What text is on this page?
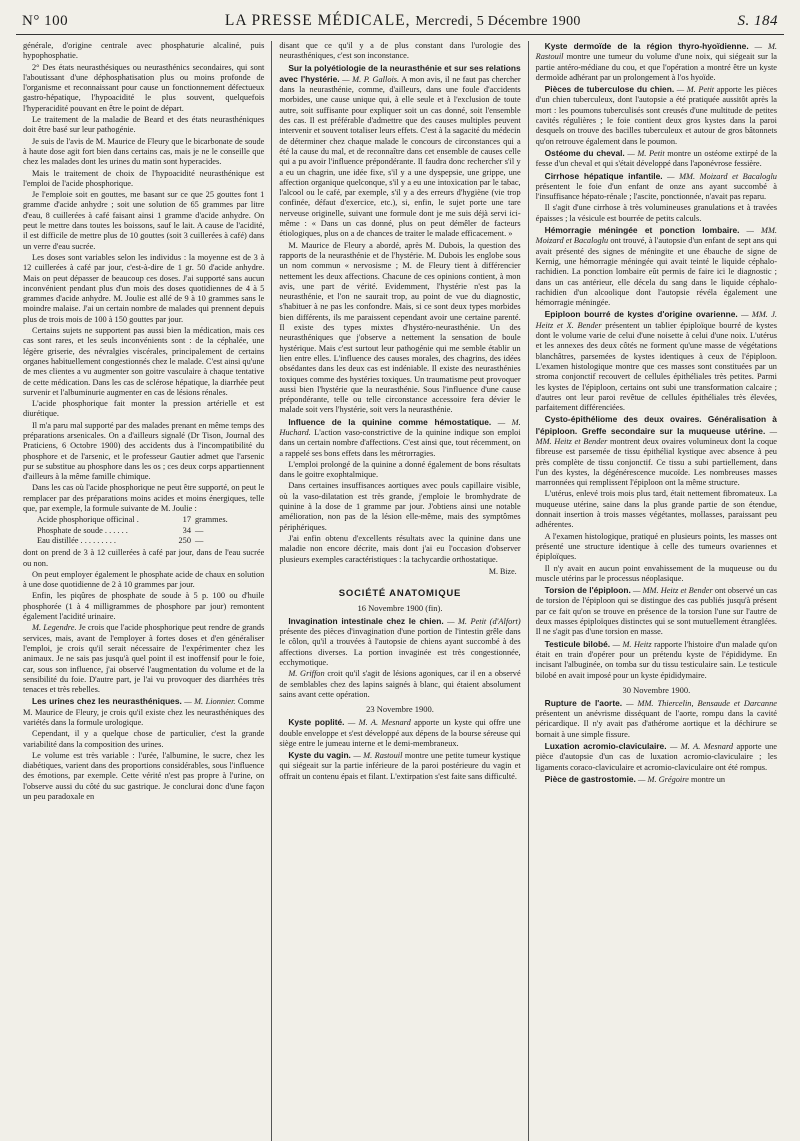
N° 100	LA PRESSE MÉDICALE, Mercredi, 5 Décembre 1900	S. 184

générale, d'origine centrale avec phosphaturie alcaliné, puis hypophosphatie.

2° Des états neurasthésiques ou neurasthénics secondaires, qui sont l'aboutissant d'une déphosphatisation plus ou moins profonde de l'organisme et reconnaissant pour cause un fonctionnement défectueux gastro-hépatique, l'hypoacidité le plus souvent, quelquefois l'hyperacidité pouvant en être le point de départ.

Le traitement de la maladie de Beard et des états neurasthéniques doit être basé sur leur pathogénie.

Je suis de l'avis de M. Maurice de Fleury que le bicarbonate de soude à haute dose agit fort bien dans certains cas, mais je ne le conseille que chez les malades dont les urines du matin sont hyperacides.

Mais le traitement de choix de l'hypoacidité neurasthénique est l'emploi de l'acide phosphorique.

Je l'emploie soit en gouttes, me basant sur ce que 25 gouttes font 1 gramme d'acide anhydre ; soit une solution de 65 grammes par litre d'eau, 8 cuillerées à café faisant ainsi 1 gramme d'acide anhydre. On peut le mettre dans toutes les boissons, sauf le lait. A cause de l'acidité, il est difficile de mettre plus de 10 gouttes (soit 3 cuillerées à café) dans un verre d'eau sucrée.

Les doses sont variables selon les individus : la moyenne est de 3 à 12 cuillerées à café par jour, c'est-à-dire de 1 gr. 50 d'acide anhydre. Mais on peut dépasser de beaucoup ces doses. J'ai supporté sans aucun inconvénient pendant plus d'un mois des doses quotidiennes de 4 à 5 grammes d'acide anhydre. M. Joulie est allé de 9 à 10 grammes sans le moindre malaise. J'ai un certain nombre de malades qui prennent depuis plus de trois mois de 100 à 150 gouttes par jour.

Certains sujets ne supportent pas aussi bien la médication, mais ces cas sont rares, et les seuls inconvénients sont : de la céphalée, une légère griserie, des névralgies viscérales, principalement de certains organes habituellement congestionnés chez le malade. C'est ainsi qu'une de mes clientes a vu augmenter son goitre vasculaire à chaque tentative de cette médication. Dans les cas de sclérose hépatique, la diarrhée peut survenir et l'albuminurie augmenter en cas de lésions rénales.

L'acide phosphorique fait monter la pression artérielle et est diurétique.

Il m'a paru mal supporté par des malades prenant en même temps des préparations arsenicales. On a d'ailleurs signalé (Dr Tison, Journal des Praticiens, 6 Octobre 1900) des accidents dus à l'incompatibilité du phosphore et de l'arsenic, et le professeur Gautier admet que l'arsenic pur se substitue au phosphore dans les os ; ces deux corps appartiennent d'ailleurs à la même famille chimique.

Dans les cas où l'acide phosphorique ne peut être supporté, on peut le remplacer par des préparations moins acides et moins énergiques, telle que, par exemple, la formule suivante de M. Joulie :

Acide phosphorique officinal .	17 grammes.
Phosphate de soude . . . . . .	34 —
Eau distillée . . . . . . . . .	250 —

dont on prend de 3 à 12 cuillerées à café par jour, dans de l'eau sucrée ou non.

On peut employer également le phosphate acide de chaux en solution à une dose quotidienne de 2 à 10 grammes par jour.

Enfin, les piqûres de phosphate de soude à 5 p. 100 ou d'huile phosphorée (1 à 4 milligrammes de phosphore par jour) remontent également l'acidité urinaire.

M. Legendre. Je crois que l'acide phosphorique peut rendre de grands services, mais, avant de l'employer à fortes doses et d'en généraliser l'emploi, je crois qu'il serait nécessaire de l'expérimenter chez les animaux. Je ne sais pas jusqu'à quel point il est inoffensif pour le foie, car, sous son influence, j'ai observé l'augmentation du volume et de la sensibilité du foie. D'autre part, je l'ai vu provoquer des diarrhées très tenaces et très rebelles.

Les urines chez les neurasthéniques. — M. Lionnier. Comme M. Maurice de Fleury, je crois qu'il existe chez les neurasthéniques des variétés dans la formule urologique.

Cependant, il y a quelque chose de particulier, c'est la grande variabilité dans la composition des urines.

Le volume est très variable : l'urée, l'albumine, le sucre, chez les diabétiques, varient dans des proportions considérables, sous l'influence des émotions, par exemple. Cette vérité n'est pas propre à l'urine, on l'observe aussi du côté du suc gastrique. Je conclurai donc d'une façon un peu paradoxale en

disant que ce qu'il y a de plus constant dans l'urologie des neurasthéniques, c'est son inconstance.

Sur la polyétiologie de la neurasthénie et sur ses relations avec l'hystérie. — M. P. Gallois. A mon avis, il ne faut pas chercher dans la neurasthénie, comme, d'ailleurs, dans une foule d'accidents morbides, une cause unique qui, à elle seule et à l'exclusion de toute autre, soit suffisante pour expliquer soit un cas donné, soit l'ensemble des cas. Il est préférable d'admettre que des causes multiples peuvent intervenir et souvent totaliser leurs effets. C'est à la sagacité du médecin de déterminer chez chaque malade le concours de circonstances qui a été la cause du mal, et de reconnaître dans cet ensemble de causes celle qui a pu avoir l'influence prépondérante. Il faudra donc rechercher s'il y a eu un chagrin, une idée fixe, s'il y a une dyspepsie, une grippe, une affection organique quelconque, s'il y a eu une intoxication par le tabac, l'alcool ou le café, par exemple, s'il y a des erreurs d'hygiène (vie trop confinée, défaut d'exercice, etc.), si, enfin, le sujet porte une tare nerveuse originelle, suivant une formule dont je me suis déjà servi ici-même : « Dans un cas donné, plus on peut démêler de facteurs étiologiques, plus on a de chances de traiter le malade efficacement. »

M. Maurice de Fleury a abordé, après M. Dubois, la question des rapports de la neurasthénie et de l'hystérie. M. Dubois les englobe sous un nom commun « nervosisme ; M. de Fleury tient à différencier nettement les deux affections. Chacune de ces opinions contient, à mon avis, une part de vérité. Evidemment, l'hystérie n'est pas la neurasthénie, et l'on ne saurait trop, au point de vue du diagnostic, s'habituer à ne pas les confondre. Mais, si ce sont deux types morbides bien différents, ils me paraissent cependant avoir une certaine parenté. Il existe des types mixtes d'hystéro-neurasthénie. Un des neurasthéniques que j'observe a nettement la sensation de boule hystérique. Mais c'est surtout leur pathogénie qui me semble établir un lien entre elles. L'influence des causes morales, des chagrins, des idées obsédantes dans les deux cas est indéniable. Il existe des neurasthénies toxiques comme des hystéries toxiques. Un traumatisme peut provoquer aussi bien l'hystérie que la neurasthénie. Sous l'influence d'une cause prépondérante, telle ou telle circonstance accessoire fera dévier le malade soit vers l'hystérie, soit vers la neurasthénie.

Influence de la quinine comme hémostatique. — M. Huchard. L'action vaso-constrictive de la quinine indique son emploi dans un certain nombre d'affections. C'est ainsi que, tout récemment, on a rappelé ses bons effets dans les métrorragies.

L'emploi prolongé de la quinine a donné également de bons résultats dans le goitre exophtalmique.

Dans certaines insuffisances aortiques avec pouls capillaire visible, où la vaso-dilatation est très grande, j'emploie le bromhydrate de quinine à la dose de 1 gramme par jour. J'obtiens ainsi une notable amélioration, non pas de la lésion elle-même, mais des symptômes périphériques.

J'ai enfin obtenu d'excellents résultats avec la quinine dans une maladie non encore décrite, mais dont j'ai eu l'occasion d'observer plusieurs exemples caractéristiques : la tachycardie orthostatique.

M. Bize.
SOCIÉTÉ ANATOMIQUE
16 Novembre 1900 (fin).

Invagination intestinale chez le chien. — M. Petit (d'Alfort) présente des pièces d'invagination d'une portion de l'intestin grêle dans le côlon, qu'il a trouvées à l'autopsie de chiens ayant succombé à des affections diverses. La portion invaginée est très congestionnée, ecchymotique.

M. Griffon croit qu'il s'agit de lésions agoniques, car il en a observé de semblables chez des lapins saignés à blanc, qui étaient absolument sains avant cette opération.

23 Novembre 1900.

Kyste poplité. — M. A. Mesnard apporte un kyste qui offre une double enveloppe et s'est développé aux dépens de la bourse séreuse qui siège entre le jumeau interne et le demi-membraneux.

Kyste du vagin. — M. Rastouil montre une petite tumeur kystique qui siégeait sur la partie inférieure de la paroi postérieure du vagin et offrait un contenu épais et filant. L'extirpation s'est faite sans difficulté.

Kyste dermoïde de la région thyro-hyoïdienne. — M. Rastouil montre une tumeur du volume d'une noix, qui siégeait sur la partie antéro-médiane du cou, et que l'opération a montré être un kyste dermoïde adhérant par un prolongement à l'os hyoïde.

Pièces de tuberculose du chien. — M. Petit apporte les pièces d'un chien tuberculeux, dont l'autopsie a été pratiquée aussitôt après la mort : les poumons tuberculisés sont creusés d'une multitude de petites cavités régulières ; le foie contient deux gros kystes dans la paroi desquels on trouve des bacilles tuberculeux et autour de gros bâtonnets qu'on retrouve également dans le poumon.

Ostéome du cheval. — M. Petit montre un ostéome extirpé de la fesse d'un cheval et qui s'était développé dans l'aponévrose fessière.

Cirrhose hépatique infantile. — MM. Moizard et Bacaloglu présentent le foie d'un enfant de onze ans ayant succombé à l'insuffisance hépato-rénale ; l'ascite, ponctionnée, n'avait pas reparu.

Il s'agit d'une cirrhose à très volumineuses granulations et à travées épaisses ; la vésicule est bourrée de petits calculs.

Hémorragie méningée et ponction lombaire. — MM. Moizard et Bacaloglu ont trouvé, à l'autopsie d'un enfant de sept ans qui avait présenté des signes de méningite et une ébauche de signe de Kernig, une hémorragie méningée qui avait teinté le liquide céphalo-rachidien. La ponction lombaire eût permis de faire ici le diagnostic ; dans un cas antérieur, elle décela du sang dans le liquide céphalo-rachidien d'un alcoolique dont l'autopsie révéla également une hémorragie méningée.

Epiploon bourré de kystes d'origine ovarienne. — MM. J. Heitz et X. Bender présentent un tablier épiploïque bourré de kystes dont le volume varie de celui d'une noisette à celui d'une noix. L'utérus et les annexes des deux côtés ne forment qu'une masse de végétations blanchâtres, parsemées de kystes identiques à ceux de l'épiploon. L'examen histologique montre que ces masses sont constituées par un stroma conjonctif recouvert de cellules épithéliales très petites. Parmi les kystes de l'épiploon, certains ont subi une transformation calcaire ; d'autres ont leur paroi revêtue de cellules épithéliales très élevées, parfaitement différenciées.

Cysto-épithéliome des deux ovaires. Généralisation à l'épiploon. Greffe secondaire sur la muqueuse utérine. — MM. Heitz et Bender montrent deux ovaires volumineux dont la coque fibreuse est parsemée de tissu épithélial kystique avec absence à peu près complète de tissu conjonctif. Ce tissu a subi partiellement, dans l'un des kystes, la dégénérescence mucoïde. Les nombreuses masses marronnées qui remplissent l'épiploon ont la même structure.

L'utérus, enlevé trois mois plus tard, était nettement fibromateux. La muqueuse utérine, saine dans la plus grande partie de son étendue, donnait insertion à trois masses végétantes, mollasses, paraissant peu adhérentes.

A l'examen histologique, pratiqué en plusieurs points, les masses ont présenté une structure identique à celle des tumeurs ovariennes et épiploïques.

Il n'y avait en aucun point envahissement de la muqueuse ou du muscle utérins par le processus néoplasique.

Torsion de l'épiploon. — MM. Heitz et Bender ont observé un cas de torsion de l'épiploon qui se distingue des cas publiés jusqu'à présent par ce fait qu'on se trouve en présence de la torsion l'une sur l'autre de deux masses épiploïques distinctes qui se sont mutuellement étranglées. Il ne s'agit pas d'une torsion en masse.

Testicule bilobé. — M. Heitz rapporte l'histoire d'un malade qu'on était en train d'opérer pour un prétendu kyste de l'épididyme. En incisant l'albuginée, on tomba sur du tissu testiculaire sain. Le testicule bilobé en avait imposé pour un kyste épididymaire.

30 Novembre 1900.

Rupture de l'aorte. — MM. Thiercelin, Bensaude et Darcanne présentent un anévrisme disséquant de l'aorte, rompu dans la cavité péricardique. Il n'y avait pas d'athérome aortique et la déchirure se bornait à une simple fissure.

Luxation acromio-claviculaire. — M. A. Mesnard apporte une pièce d'autopsie d'un cas de luxation acromio-claviculaire ; les ligaments coraco-claviculaire et acromio-claviculaire ont été rompus.

Pièce de gastrostomie. — M. Grégoire montre un
